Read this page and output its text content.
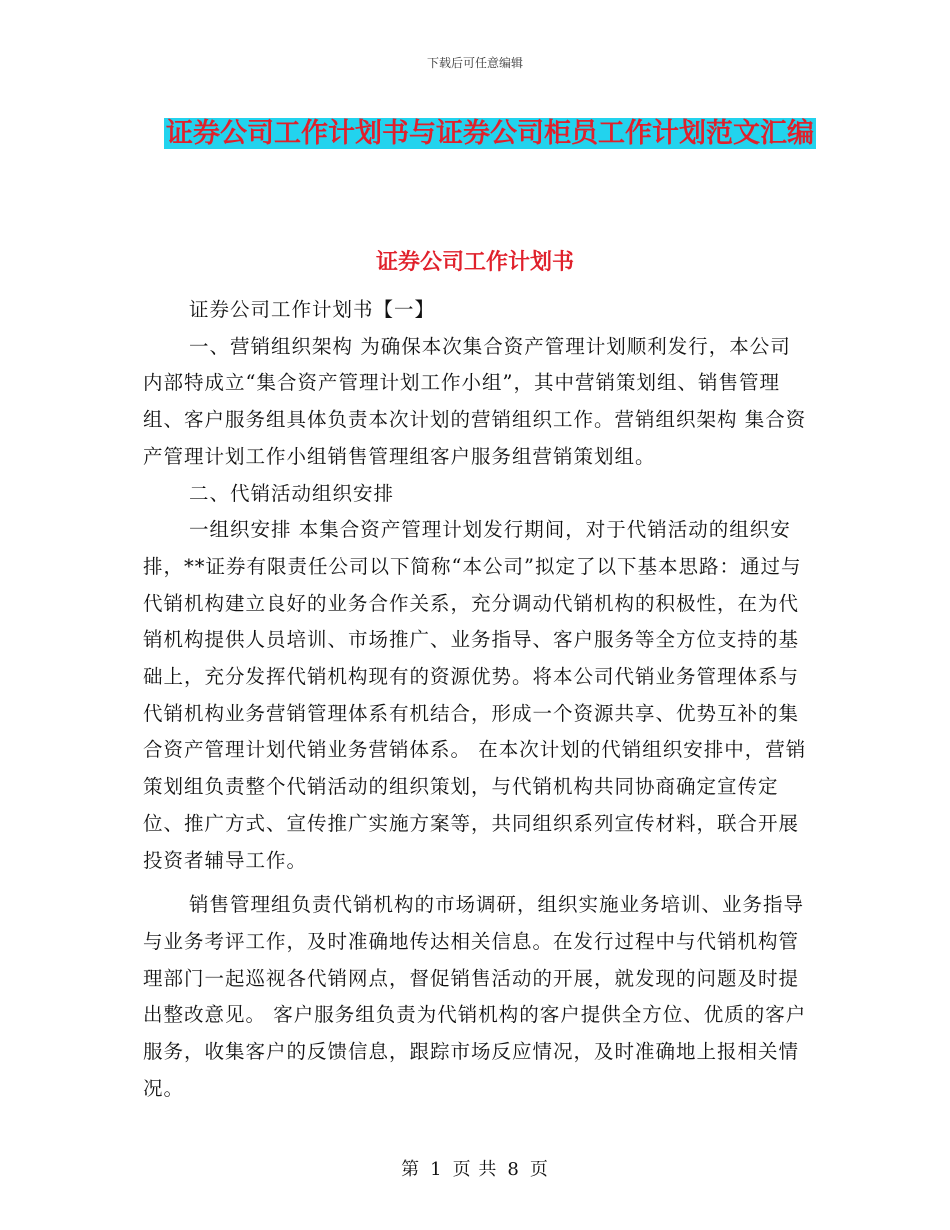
下载后可任意编辑
证券公司工作计划书与证券公司柜员工作计划范文汇编
证券公司工作计划书

证券公司工作计划书【一】

一、营销组织架构 为确保本次集合资产管理计划顺利发行，本公司内部特成立“集合资产管理计划工作小组”，其中营销策划组、销售管理组、客户服务组具体负责本次计划的营销组织工作。营销组织架构 集合资产管理计划工作小组销售管理组客户服务组营销策划组。

二、代销活动组织安排

一组织安排 本集合资产管理计划发行期间，对于代销活动的组织安排，**证券有限责任公司以下简称“本公司”拟定了以下基本思路：通过与代销机构建立良好的业务合作关系，充分调动代销机构的积极性，在为代销机构提供人员培训、市场推广、业务指导、客户服务等全方位支持的基础上，充分发挥代销机构现有的资源优势。将本公司代销业务管理体系与代销机构业务营销管理体系有机结合，形成一个资源共享、优势互补的集合资产管理计划代销业务营销体系。 在本次计划的代销组织安排中，营销策划组负责整个代销活动的组织策划，与代销机构共同协商确定宣传定位、推广方式、宣传推广实施方案等，共同组织系列宣传材料，联合开展投资者辅导工作。

销售管理组负责代销机构的市场调研，组织实施业务培训、业务指导与业务考评工作，及时准确地传达相关信息。在发行过程中与代销机构管理部门一起巡视各代销网点，督促销售活动的开展，就发现的问题及时提出整改意见。 客户服务组负责为代销机构的客户提供全方位、优质的客户服务，收集客户的反馈信息，跟踪市场反应情况，及时准确地上报相关情况。

第 1 页 共 8 页
